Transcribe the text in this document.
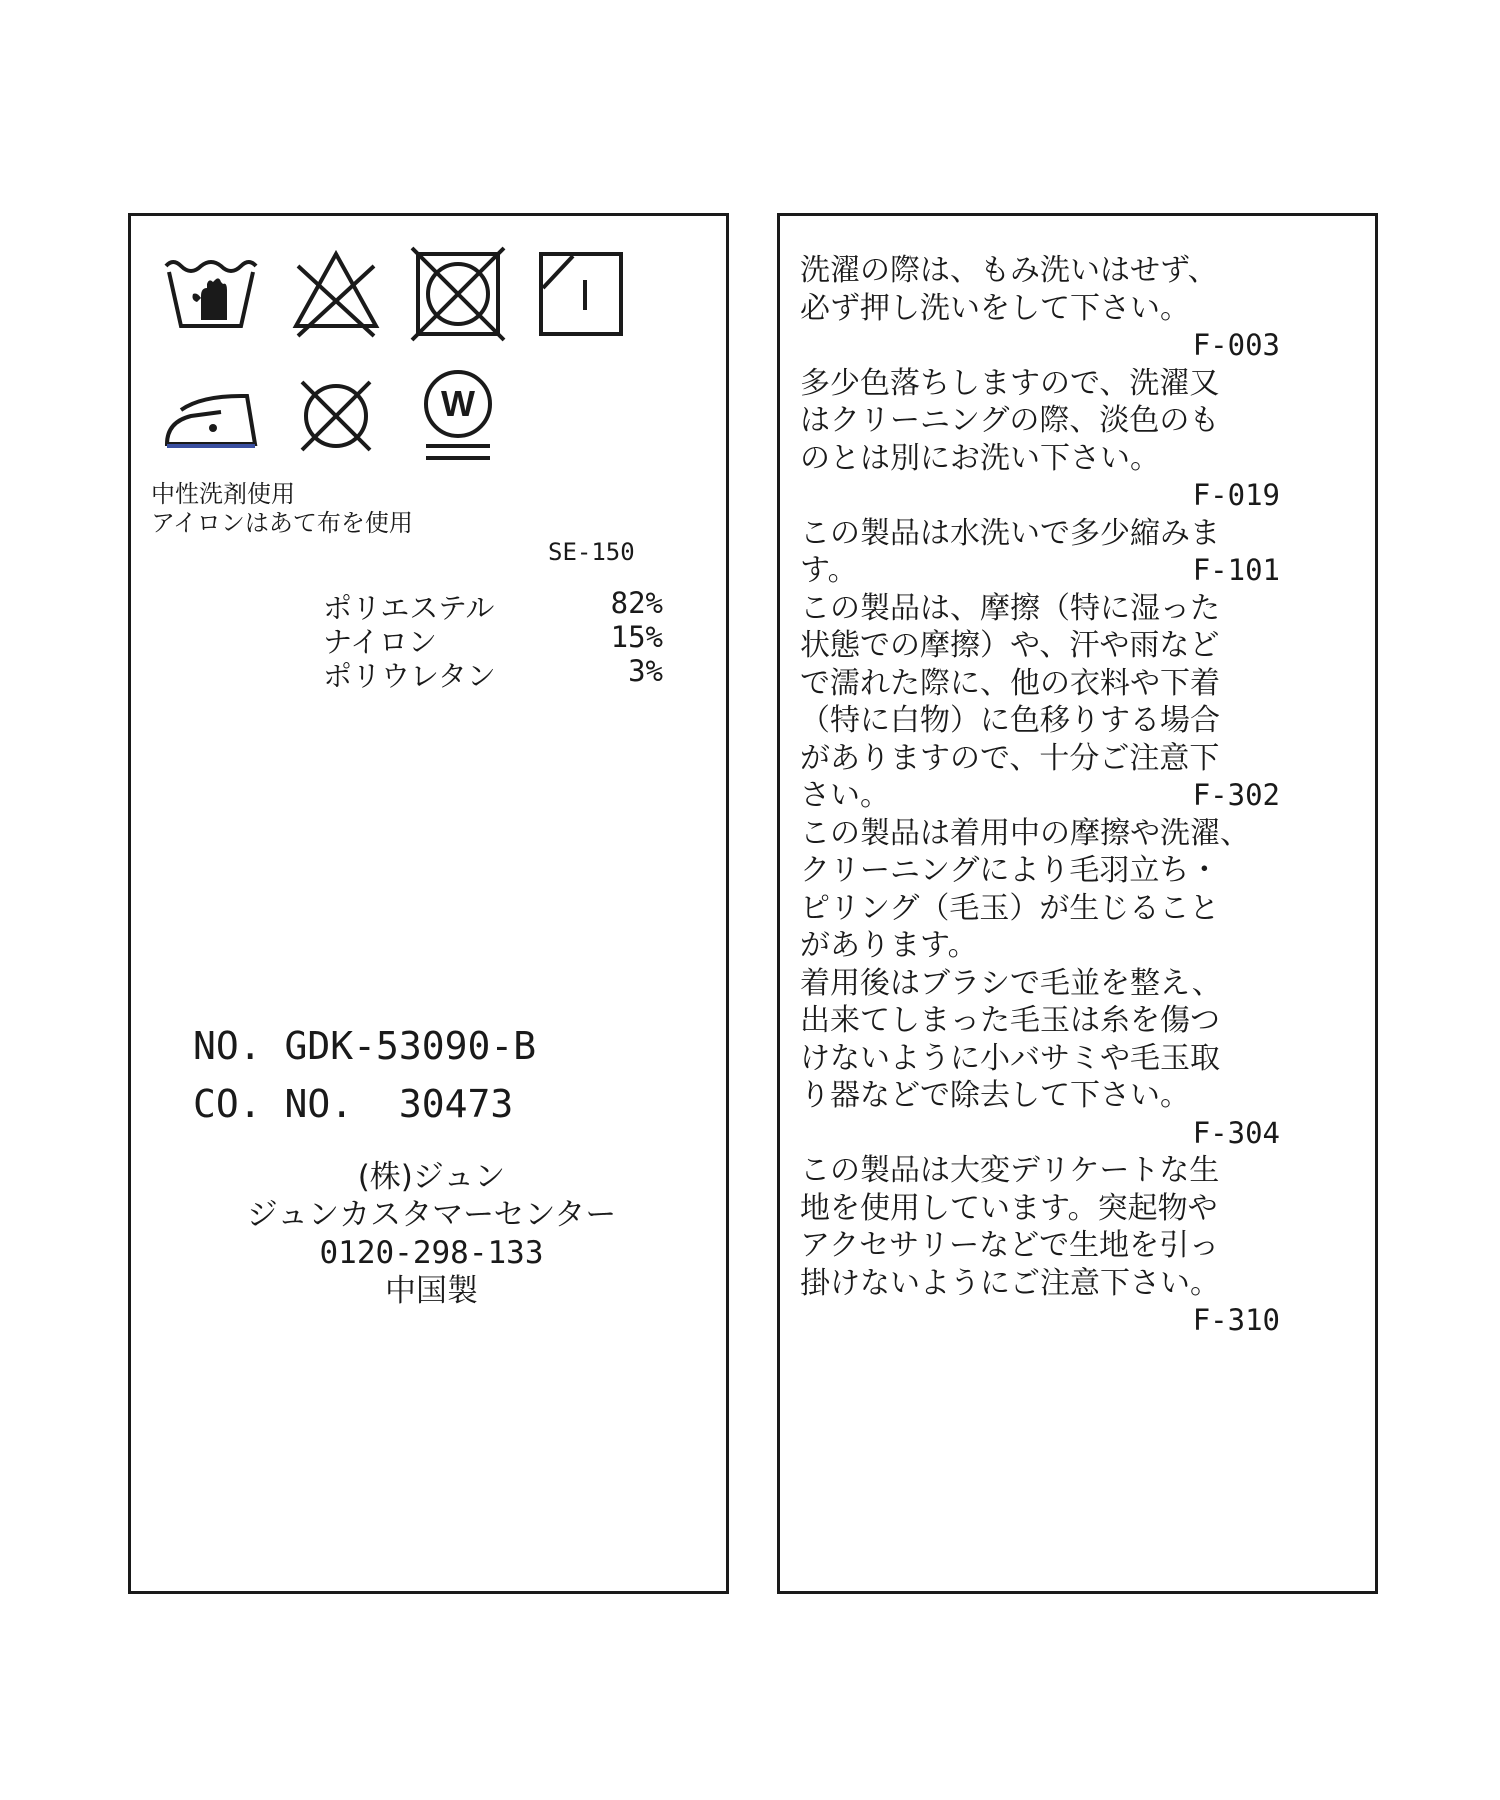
W
中性洗剤使用
アイロンはあて布を使用
SE-150
ポリエステル	82%
ナイロン	15%
ポリウレタン	3%
NO. GDK-53090-B
CO. NO.  30473
(株)ジュン
ジュンカスタマーセンター
0120-298-133
中国製
洗濯の際は、もみ洗いはせず、
必ず押し洗いをして下さい。
F-003
多少色落ちしますので、洗濯又
はクリーニングの際、淡色のも
のとは別にお洗い下さい。
F-019
この製品は水洗いで多少縮みま
す。	F-101
この製品は、摩擦（特に湿った
状態での摩擦）や、汗や雨など
で濡れた際に、他の衣料や下着
（特に白物）に色移りする場合
がありますので、十分ご注意下
さい。	F-302
この製品は着用中の摩擦や洗濯、
クリーニングにより毛羽立ち・
ピリング（毛玉）が生じること
があります。
着用後はブラシで毛並を整え、
出来てしまった毛玉は糸を傷つ
けないように小バサミや毛玉取
り器などで除去して下さい。
F-304
この製品は大変デリケートな生
地を使用しています。突起物や
アクセサリーなどで生地を引っ
掛けないようにご注意下さい。
F-310
